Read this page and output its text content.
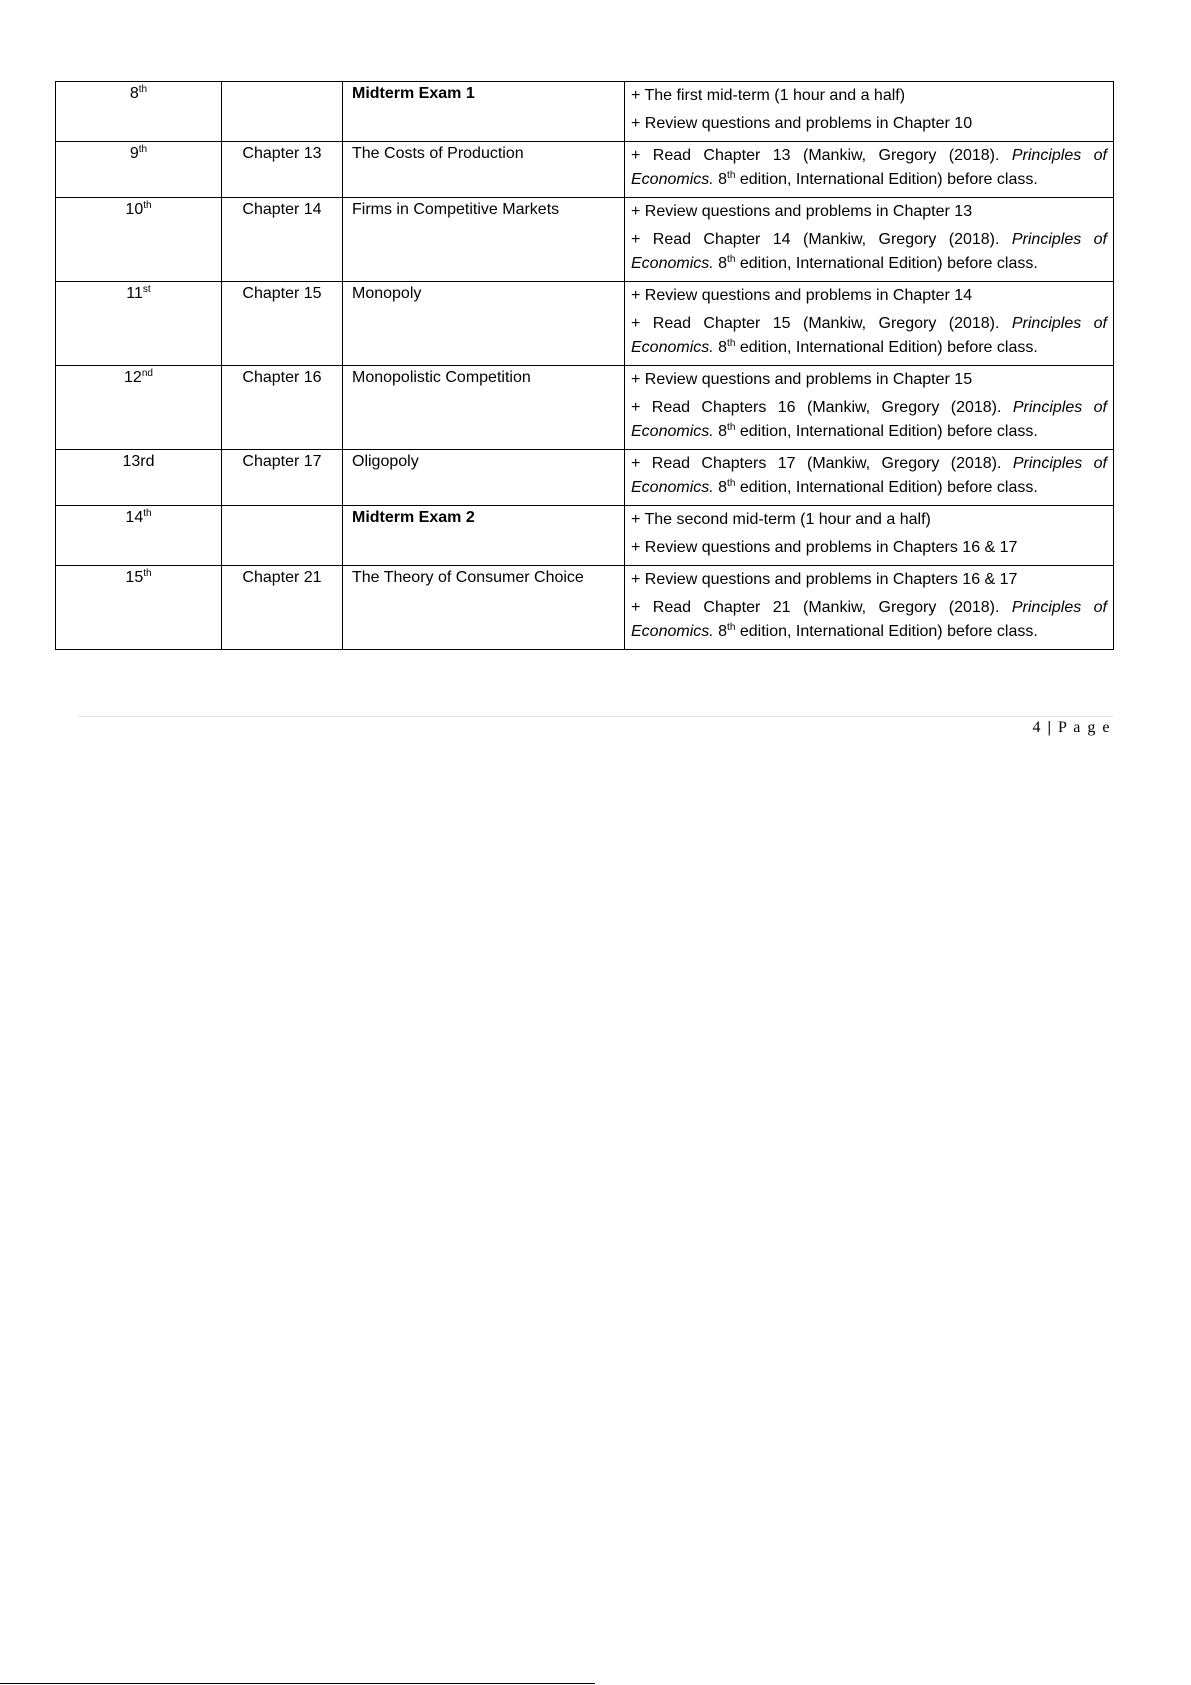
8th		Midterm Exam 1	+ The first mid-term (1 hour and a half)
+ Review questions and problems in Chapter 10

9th	Chapter 13	The Costs of Production	+ Read Chapter 13 (Mankiw, Gregory (2018). Principles of Economics. 8th edition, International Edition) before class.

10th	Chapter 14	Firms in Competitive Markets	+ Review questions and problems in Chapter 13
+ Read Chapter 14 (Mankiw, Gregory (2018). Principles of Economics. 8th edition, International Edition) before class.

11st	Chapter 15	Monopoly	+ Review questions and problems in Chapter 14
+ Read Chapter 15 (Mankiw, Gregory (2018). Principles of Economics. 8th edition, International Edition) before class.

12nd	Chapter 16	Monopolistic Competition	+ Review questions and problems in Chapter 15
+ Read Chapters 16 (Mankiw, Gregory (2018). Principles of Economics. 8th edition, International Edition) before class.

13rd	Chapter 17	Oligopoly	+ Read Chapters 17 (Mankiw, Gregory (2018). Principles of Economics. 8th edition, International Edition) before class.

14th		Midterm Exam 2	+ The second mid-term (1 hour and a half)
+ Review questions and problems in Chapters 16 & 17

15th	Chapter 21	The Theory of Consumer Choice	+ Review questions and problems in Chapters 16 & 17
+ Read Chapter 21 (Mankiw, Gregory (2018). Principles of Economics. 8th edition, International Edition) before class.
4 | P a g e
